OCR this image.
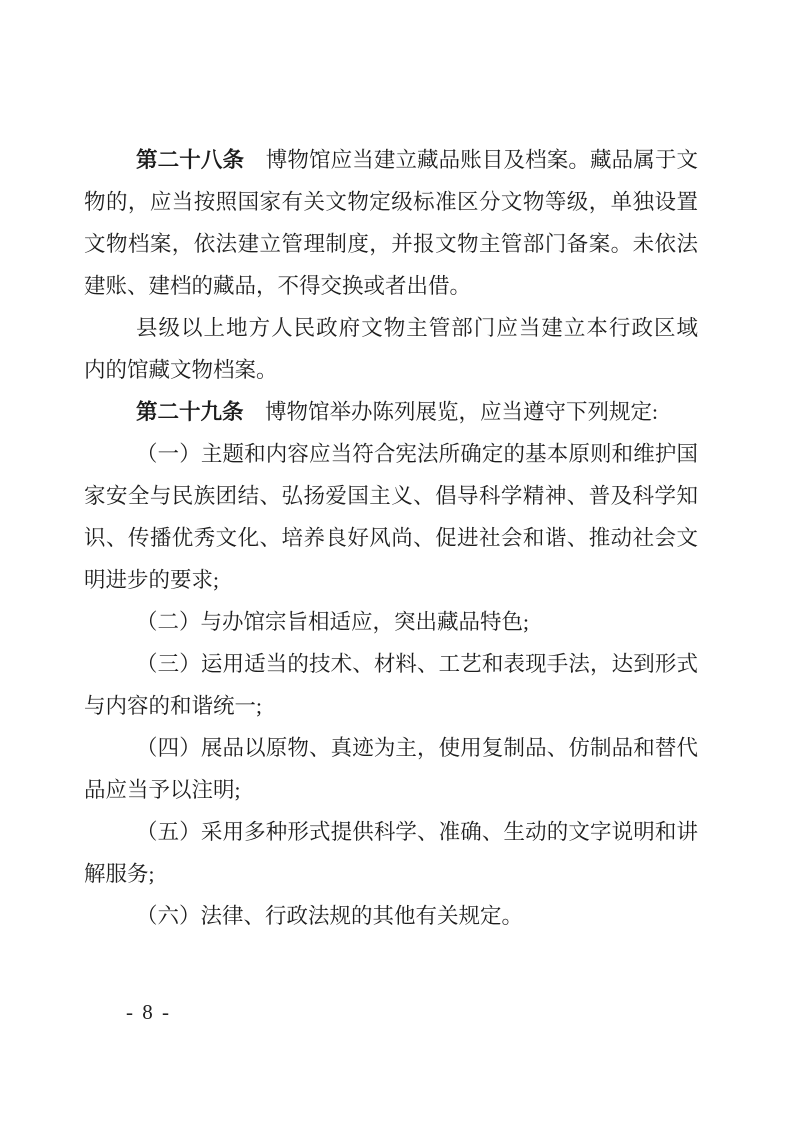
第二十八条　博物馆应当建立藏品账目及档案。藏品属于文
物的，应当按照国家有关文物定级标准区分文物等级，单独设置
文物档案，依法建立管理制度，并报文物主管部门备案。未依法
建账、建档的藏品，不得交换或者出借。
县级以上地方人民政府文物主管部门应当建立本行政区域
内的馆藏文物档案。
第二十九条　博物馆举办陈列展览，应当遵守下列规定:
（一）主题和内容应当符合宪法所确定的基本原则和维护国
家安全与民族团结、弘扬爱国主义、倡导科学精神、普及科学知
识、传播优秀文化、培养良好风尚、促进社会和谐、推动社会文
明进步的要求;
（二）与办馆宗旨相适应，突出藏品特色;
（三）运用适当的技术、材料、工艺和表现手法，达到形式
与内容的和谐统一;
（四）展品以原物、真迹为主，使用复制品、仿制品和替代
品应当予以注明;
（五）采用多种形式提供科学、准确、生动的文字说明和讲
解服务;
（六）法律、行政法规的其他有关规定。
- 8 -
